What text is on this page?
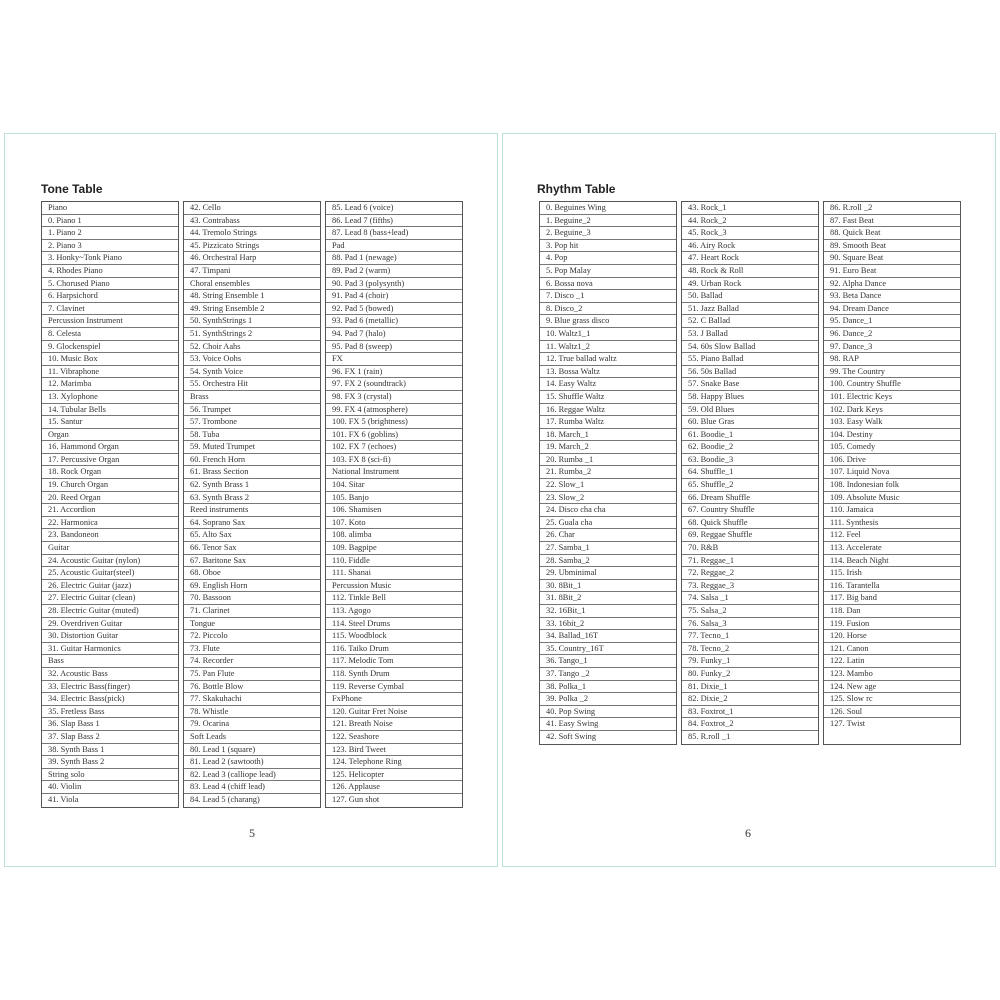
Tone Table
Piano
0. Piano 1
1. Piano 2
2. Piano 3
3. Honky~Tonk Piano
4. Rhodes Piano
5. Chorused Piano
6. Harpsichord
7. Clavinet
Percussion Instrument
8. Celesta
9. Glockenspiel
10. Music Box
11. Vibraphone
12. Marimba
13. Xylophone
14. Tubular Bells
15. Santur
Organ
16. Hammond Organ
17. Percussive Organ
18. Rock Organ
19. Church Organ
20. Reed Organ
21. Accordion
22. Harmonica
23. Bandoneon
Guitar
24. Acoustic Guitar (nylon)
25. Acoustic Guitar(steel)
26. Electric Guitar (jazz)
27. Electric Guitar (clean)
28. Electric Guitar (muted)
29. Overdriven Guitar
30. Distortion Guitar
31. Guitar Harmonics
Bass
32. Acoustic Bass
33. Electric Bass(finger)
34. Electric Bass(pick)
35. Fretless Bass
36. Slap Bass 1
37. Slap Bass 2
38. Synth Bass 1
39. Synth Bass 2
String solo
40. Violin
41. Viola
42. Cello
43. Contrabass
44. Tremolo Strings
45. Pizzicato Strings
46. Orchestral Harp
47. Timpani
Choral ensembles
48. String Ensemble 1
49. String Ensemble 2
50. SynthStrings 1
51. SynthStrings 2
52. Choir Aahs
53. Voice Oohs
54. Synth Voice
55. Orchestra Hit
Brass
56. Trumpet
57. Trombone
58. Tuba
59. Muted Trumpet
60. French Horn
61. Brass Section
62. Synth Brass 1
63. Synth Brass 2
Reed instruments
64. Soprano Sax
65. Alto Sax
66. Tenor Sax
67. Baritone Sax
68. Oboe
69. English Horn
70. Bassoon
71. Clarinet
Tongue
72. Piccolo
73. Flute
74. Recorder
75. Pan Flute
76. Bottle Blow
77. Skakuhachi
78. Whistle
79. Ocarina
Soft Leads
80. Lead 1 (square)
81. Lead 2 (sawtooth)
82. Lead 3 (calliope lead)
83. Lead 4 (chiff lead)
84. Lead 5 (charang)
85. Lead 6 (voice)
86. Lead 7 (fifths)
87. Lead 8 (bass+lead)
Pad
88. Pad 1 (newage)
89. Pad 2 (warm)
90. Pad 3 (polysynth)
91. Pad 4 (choir)
92. Pad 5 (bowed)
93. Pad 6 (metallic)
94. Pad 7 (halo)
95. Pad 8 (sweep)
FX
96. FX 1 (rain)
97. FX 2 (soundtrack)
98. FX 3 (crystal)
99. FX 4 (atmosphere)
100. FX 5 (brightness)
101. FX 6 (goblins)
102. FX 7 (echoes)
103. FX 8 (sci-fi)
National Instrument
104. Sitar
105. Banjo
106. Shamisen
107. Koto
108. alimba
109. Bagpipe
110. Fiddle
111. Shanai
Percussion Music
112. Tinkle Bell
113. Agogo
114. Steel Drums
115. Woodblock
116. Taiko Drum
117. Melodic Tom
118. Synth Drum
119. Reverse Cymbal
FxPhone
120. Guitar Fret Noise
121. Breath Noise
122. Seashore
123. Bird Tweet
124. Telephone Ring
125. Helicopter
126. Applause
127. Gun shot
5
Rhythm Table
0. Beguines Wing
1. Beguine_2
2. Beguine_3
3. Pop hit
4. Pop
5. Pop Malay
6. Bossa nova
7. Disco _1
8. Disco_2
9. Blue grass disco
10. Waltz1_1
11. Waltz1_2
12. True ballad waltz
13. Bossa Waltz
14. Easy Waltz
15. Shuffle Waltz
16. Reggae Waltz
17. Rumba Waltz
18. March_1
19. March_2
20. Rumba _1
21. Rumba_2
22. Slow_1
23. Slow_2
24. Disco cha cha
25. Guala cha
26. Char
27. Samba_1
28. Samba_2
29. Ubminimal
30. 8Bit_1
31. 8Bit_2
32. 16Bit_1
33. 16bit_2
34. Ballad_16T
35. Country_16T
36. Tango_1
37. Tango _2
38. Polka_1
39. Polka _2
40. Pop Swing
41. Easy Swing
42. Soft Swing
43. Rock_1
44. Rock_2
45. Rock_3
46. Airy Rock
47. Heart Rock
48. Rock & Roll
49. Urban Rock
50. Ballad
51. Jazz Ballad
52. C Ballad
53. J Ballad
54. 60s Slow Ballad
55. Piano Ballad
56. 50s Ballad
57. Snake Base
58. Happy Blues
59. Old Blues
60. Blue Gras
61. Boodie_1
62. Boodie_2
63. Boodie_3
64. Shuffle_1
65. Shuffle_2
66. Dream Shuffle
67. Country Shuffle
68. Quick Shuffle
69. Reggae Shuffle
70. R&B
71. Reggae_1
72. Reggae_2
73. Reggae_3
74. Salsa _1
75. Salsa_2
76. Salsa_3
77. Tecno_1
78. Tecno_2
79. Funky_1
80. Funky_2
81. Dixie_1
82. Dixie_2
83. Foxtrot_1
84. Foxtrot_2
85. R.roll _1
86. R.roll _2
87. Fast Beat
88. Quick Beat
89. Smooth Beat
90. Square Beat
91. Euro Beat
92. Alpha Dance
93. Beta Dance
94. Dream Dance
95. Dance_1
96. Dance_2
97. Dance_3
98. RAP
99. The Country
100. Country Shuffle
101. Electric Keys
102. Dark Keys
103. Easy Walk
104. Destiny
105. Comedy
106. Drive
107. Liquid Nova
108. Indonesian folk
109. Absolute Music
110. Jamaica
111. Synthesis
112. Feel
113. Accelerate
114. Beach Night
115. Irish
116. Tarantella
117. Big band
118. Dan
119. Fusion
120. Horse
121. Canon
122. Latin
123. Mambo
124. New age
125. Slow rc
126. Soul
127. Twist
6
